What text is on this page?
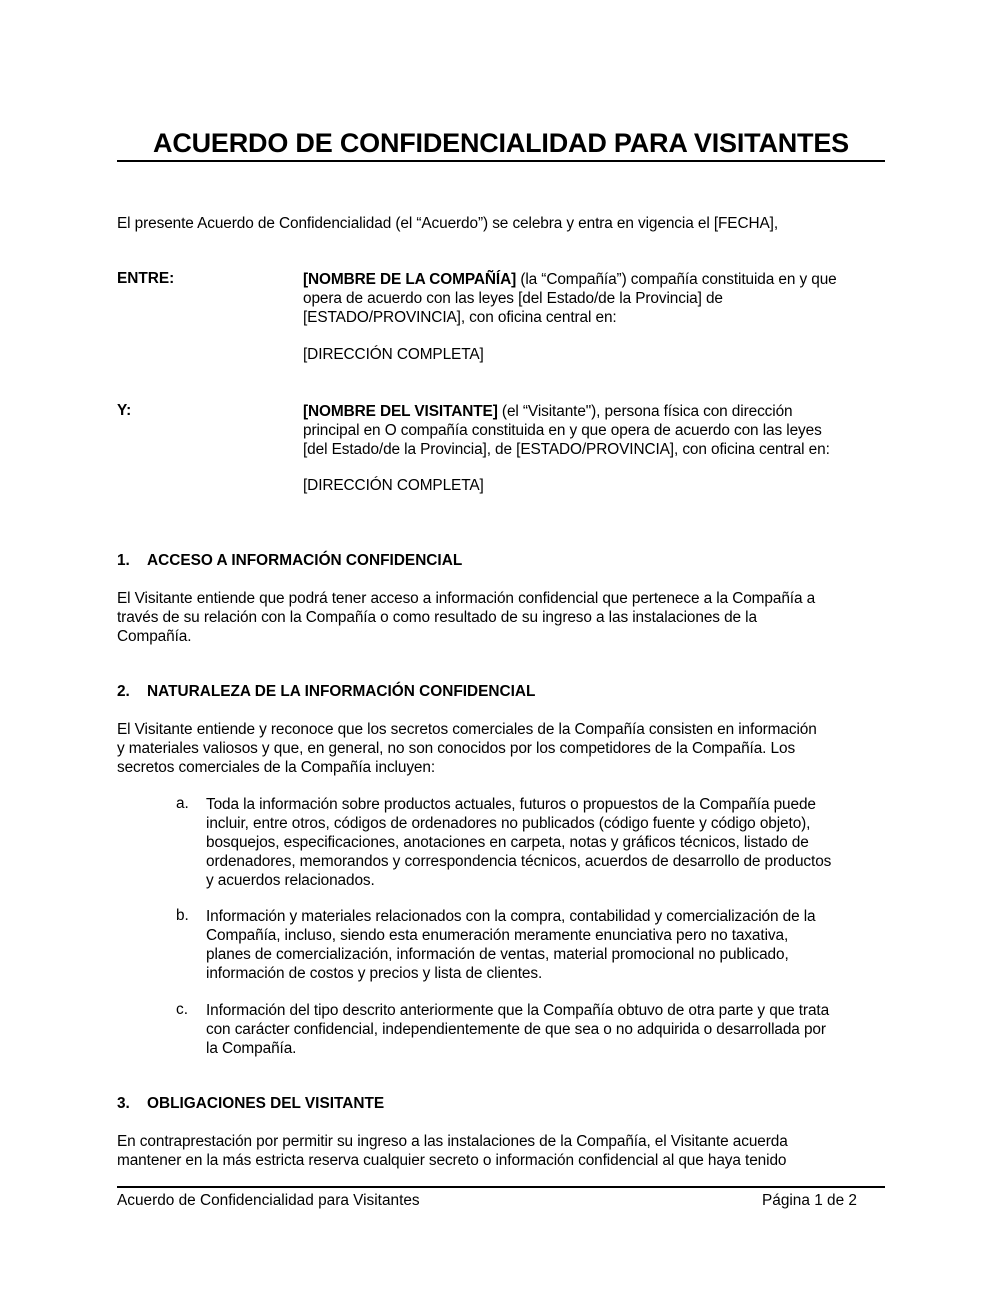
ACUERDO DE CONFIDENCIALIDAD PARA VISITANTES
El presente Acuerdo de Confidencialidad (el “Acuerdo”) se celebra y entra en vigencia el [FECHA],
ENTRE:	[NOMBRE DE LA COMPAÑÍA] (la “Compañía”) compañía constituida en y que
opera de acuerdo con las leyes [del Estado/de la Provincia] de
[ESTADO/PROVINCIA], con oficina central en:
[DIRECCIÓN COMPLETA]
Y:	[NOMBRE DEL VISITANTE] (el “Visitante"), persona física con dirección
principal en O compañía constituida en y que opera de acuerdo con las leyes
[del Estado/de la Provincia], de [ESTADO/PROVINCIA], con oficina central en:
[DIRECCIÓN COMPLETA]
1. ACCESO A INFORMACIÓN CONFIDENCIAL
El Visitante entiende que podrá tener acceso a información confidencial que pertenece a la Compañía a
través de su relación con la Compañía o como resultado de su ingreso a las instalaciones de la
Compañía.
2. NATURALEZA DE LA INFORMACIÓN CONFIDENCIAL
El Visitante entiende y reconoce que los secretos comerciales de la Compañía consisten en información
y materiales valiosos y que, en general, no son conocidos por los competidores de la Compañía. Los
secretos comerciales de la Compañía incluyen:
a. Toda la información sobre productos actuales, futuros o propuestos de la Compañía puede
incluir, entre otros, códigos de ordenadores no publicados (código fuente y código objeto),
bosquejos, especificaciones, anotaciones en carpeta, notas y gráficos técnicos, listado de
ordenadores, memorandos y correspondencia técnicos, acuerdos de desarrollo de productos
y acuerdos relacionados.
b. Información y materiales relacionados con la compra, contabilidad y comercialización de la
Compañía, incluso, siendo esta enumeración meramente enunciativa pero no taxativa,
planes de comercialización, información de ventas, material promocional no publicado,
información de costos y precios y lista de clientes.
c. Información del tipo descrito anteriormente que la Compañía obtuvo de otra parte y que trata
con carácter confidencial, independientemente de que sea o no adquirida o desarrollada por
la Compañía.
3. OBLIGACIONES DEL VISITANTE
En contraprestación por permitir su ingreso a las instalaciones de la Compañía, el Visitante acuerda
mantener en la más estricta reserva cualquier secreto o información confidencial al que haya tenido
Acuerdo de Confidencialidad para Visitantes	Página 1 de 2
